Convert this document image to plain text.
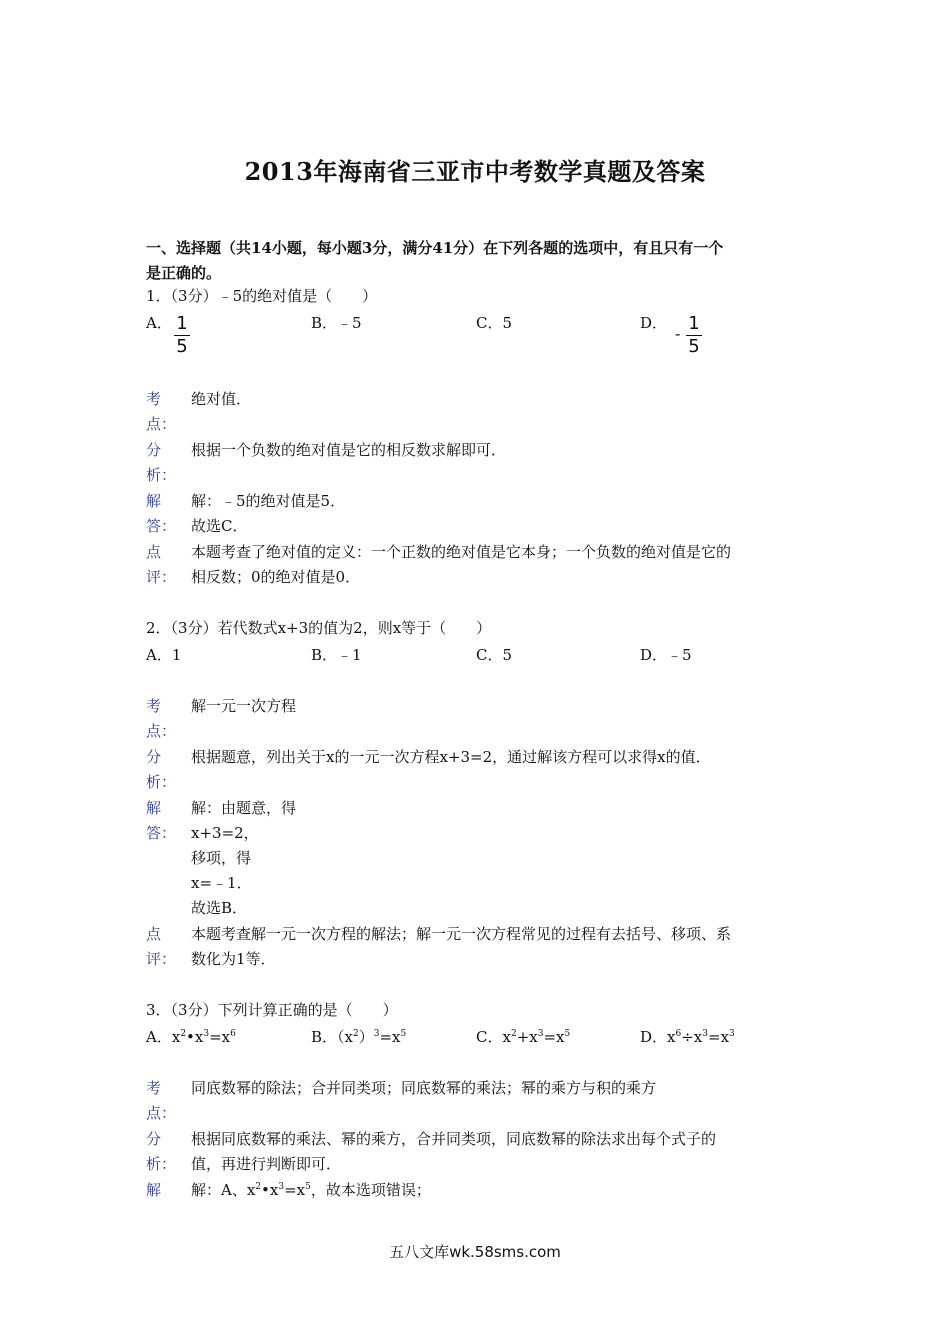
2013年海南省三亚市中考数学真题及答案
一、选择题（共14小题，每小题3分，满分41分）在下列各题的选项中，有且只有一个
是正确的。
1．（3分）﹣5的绝对值是（　　）
A． 1
5
B．﹣5	C．5	D．
- 1
5
考
点：
绝对值．
分
析：
根据一个负数的绝对值是它的相反数求解即可．
解
答：
解：﹣5的绝对值是5．
故选C．
点
评：
本题考查了绝对值的定义：一个正数的绝对值是它本身；一个负数的绝对值是它的
相反数；0的绝对值是0．
2．（3分）若代数式x+3的值为2，则x等于（　　）
A．1	B．﹣1	C．5	D．﹣5
考
点：
解一元一次方程
分
析：
根据题意，列出关于x的一元一次方程x+3=2，通过解该方程可以求得x的值．
解
答：
解：由题意，得
x+3=2，
移项，得
x=﹣1．
故选B．
点
评：
本题考查解一元一次方程的解法；解一元一次方程常见的过程有去括号、移项、系
数化为1等．
3．（3分）下列计算正确的是（　　）
A．$x^2•x^3=x^6$	B．$(x^2)^3=x^5$	C．$x^2+x^3=x^5$	D．$x^6\div x^3=x^3$
考
点：
同底数幂的除法；合并同类项；同底数幂的乘法；幂的乘方与积的乘方
分
析：
根据同底数幂的乘法、幂的乘方，合并同类项，同底数幂的除法求出每个式子的
值，再进行判断即可．
解 解：A、$x^2•x^3=x^5$，故本选项错误；
五八文库wk.58sms.com
